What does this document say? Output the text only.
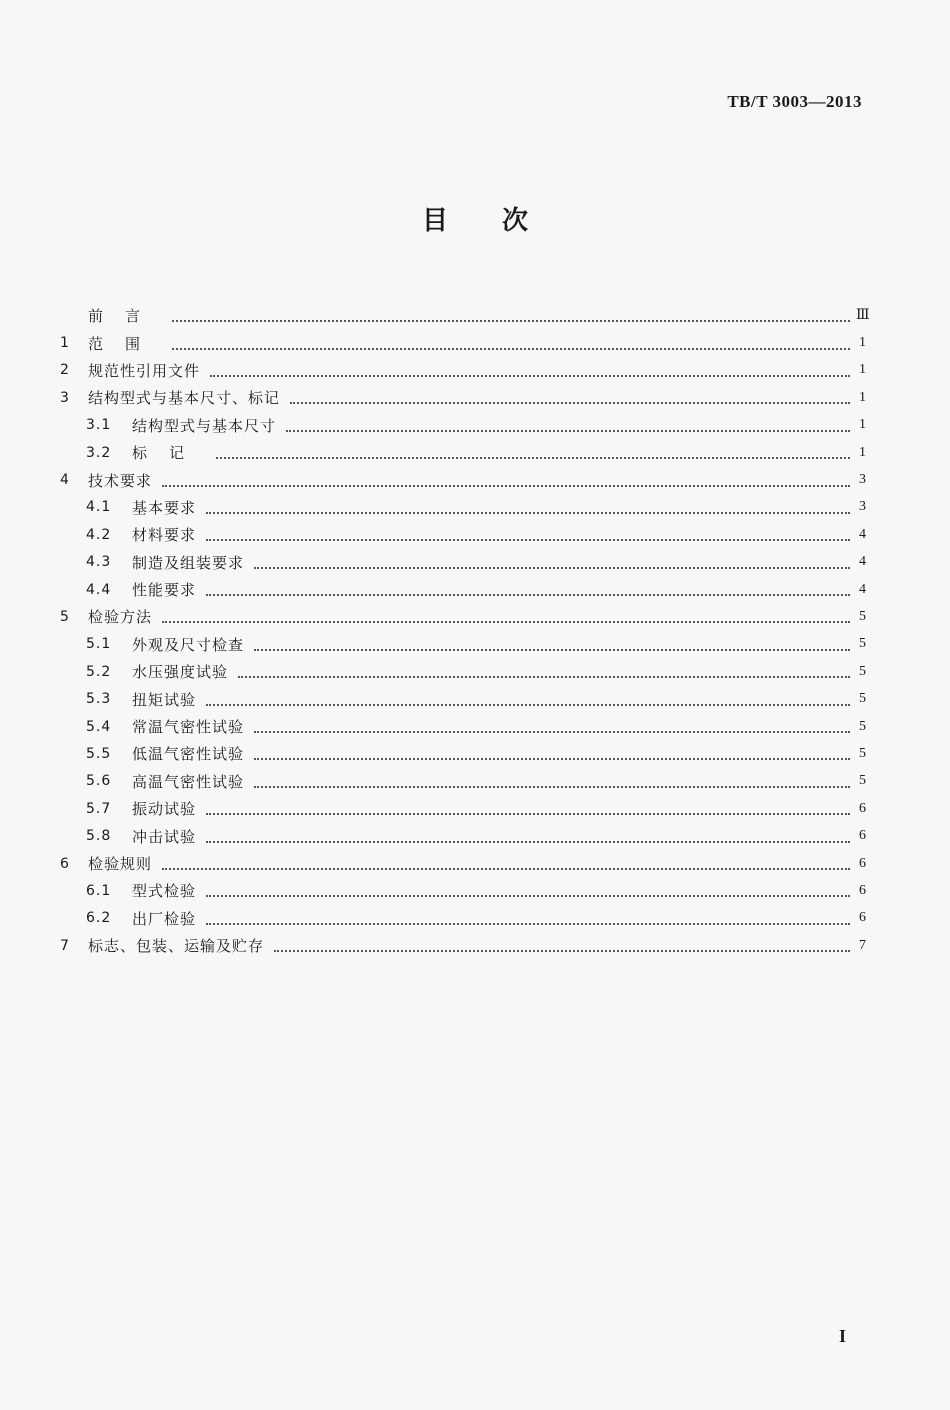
TB/T 3003—2013
目 次
前言	Ⅲ
1	范围	1
2	规范性引用文件	1
3	结构型式与基本尺寸、标记	1
3.1	结构型式与基本尺寸	1
3.2	标记	1
4	技术要求	3
4.1	基本要求	3
4.2	材料要求	4
4.3	制造及组装要求	4
4.4	性能要求	4
5	检验方法	5
5.1	外观及尺寸检查	5
5.2	水压强度试验	5
5.3	扭矩试验	5
5.4	常温气密性试验	5
5.5	低温气密性试验	5
5.6	高温气密性试验	5
5.7	振动试验	6
5.8	冲击试验	6
6	检验规则	6
6.1	型式检验	6
6.2	出厂检验	6
7	标志、包装、运输及贮存	7
I
